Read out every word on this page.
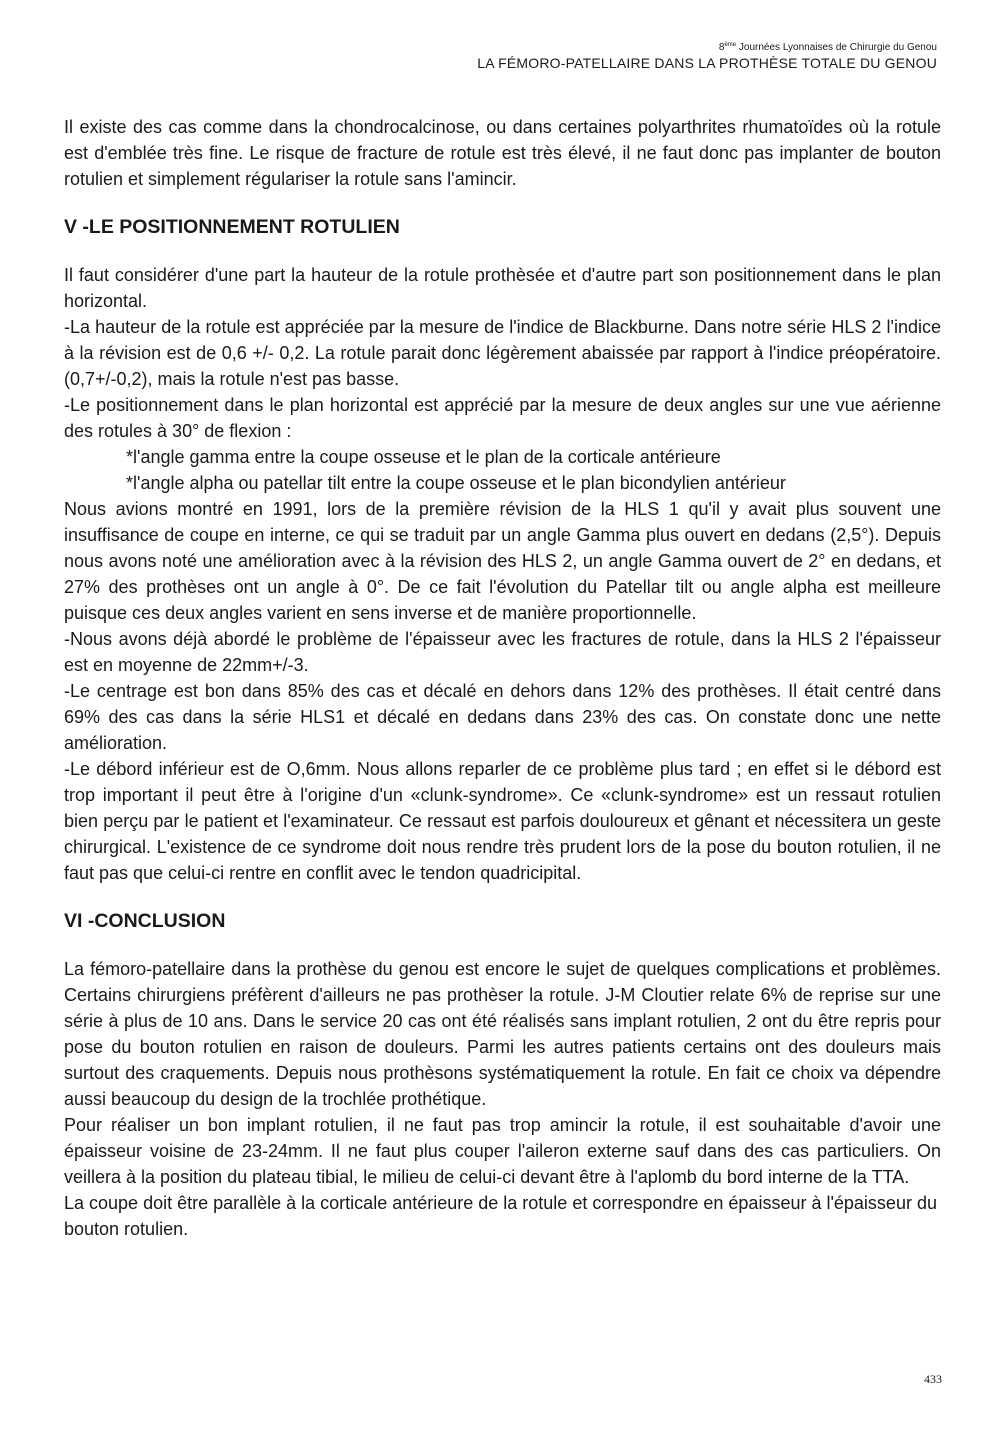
8ème Journées Lyonnaises de Chirurgie du Genou
LA FÉMORO-PATELLAIRE DANS LA PROTHÈSE TOTALE DU GENOU

Il existe des cas comme dans la chondrocalcinose, ou dans certaines polyarthrites rhumatoïdes où la rotule est d'emblée très fine. Le risque de fracture de rotule est très élevé, il ne faut donc pas implanter de bouton rotulien et simplement régulariser la rotule sans l'amincir.

V -LE POSITIONNEMENT ROTULIEN

Il faut considérer d'une part la hauteur de la rotule prothèsée et d'autre part son positionnement dans le plan horizontal.

-La hauteur de la rotule est appréciée par la mesure de l'indice de Blackburne. Dans notre série HLS 2 l'indice à la révision est de 0,6 +/- 0,2. La rotule parait donc légèrement abaissée par rapport à l'indice préopératoire. (0,7+/-0,2), mais la rotule n'est pas basse.

-Le positionnement dans le plan horizontal est apprécié par la mesure de deux angles sur une vue aérienne des rotules à 30° de flexion :

*l'angle gamma entre la coupe osseuse et le plan de la corticale antérieure

*l'angle alpha ou patellar tilt entre la coupe osseuse et le plan bicondylien antérieur

Nous avions montré en 1991, lors de la première révision de la HLS 1 qu'il y avait plus souvent une insuffisance de coupe en interne, ce qui se traduit par un angle Gamma plus ouvert en dedans (2,5°). Depuis nous avons noté une amélioration avec à la révision des HLS 2, un angle Gamma ouvert de 2° en dedans, et 27% des prothèses ont un angle à 0°. De ce fait l'évolution du Patellar tilt ou angle alpha est meilleure puisque ces deux angles varient en sens inverse et de manière proportionnelle.

-Nous avons déjà abordé le problème de l'épaisseur avec les fractures de rotule, dans la HLS 2 l'épaisseur est en moyenne de 22mm+/-3.

-Le centrage est bon dans 85% des cas et décalé en dehors dans 12% des prothèses. Il était centré dans 69% des cas dans la série HLS1 et décalé en dedans dans 23% des cas. On constate donc une nette amélioration.

-Le débord inférieur est de O,6mm. Nous allons reparler de ce problème plus tard ; en effet si le débord est trop important il peut être à l'origine d'un «clunk-syndrome». Ce «clunk-syndrome» est un ressaut rotulien bien perçu par le patient et l'examinateur. Ce ressaut est parfois douloureux et gênant et nécessitera un geste chirurgical. L'existence de ce syndrome doit nous rendre très prudent lors de la pose du bouton rotulien, il ne faut pas que celui-ci rentre en conflit avec le tendon quadricipital.

VI -CONCLUSION

La fémoro-patellaire dans la prothèse du genou est encore le sujet de quelques complications et problèmes. Certains chirurgiens préfèrent d'ailleurs ne pas prothèser la rotule. J-M Cloutier relate 6% de reprise sur une série à plus de 10 ans. Dans le service 20 cas ont été réalisés sans implant rotulien, 2 ont du être repris pour pose du bouton rotulien en raison de douleurs. Parmi les autres patients certains ont des douleurs mais surtout des craquements. Depuis nous prothèsons systématiquement la rotule. En fait ce choix va dépendre aussi beaucoup du design de la trochlée prothétique.

Pour réaliser un bon implant rotulien, il ne faut pas trop amincir la rotule, il est souhaitable d'avoir une épaisseur voisine de 23-24mm. Il ne faut plus couper l'aileron externe sauf dans des cas particuliers. On veillera à la position du plateau tibial, le milieu de celui-ci devant être à l'aplomb du bord interne de la TTA.

La coupe doit être parallèle à la corticale antérieure de la rotule et correspondre en épaisseur à l'épaisseur du bouton rotulien.

433
